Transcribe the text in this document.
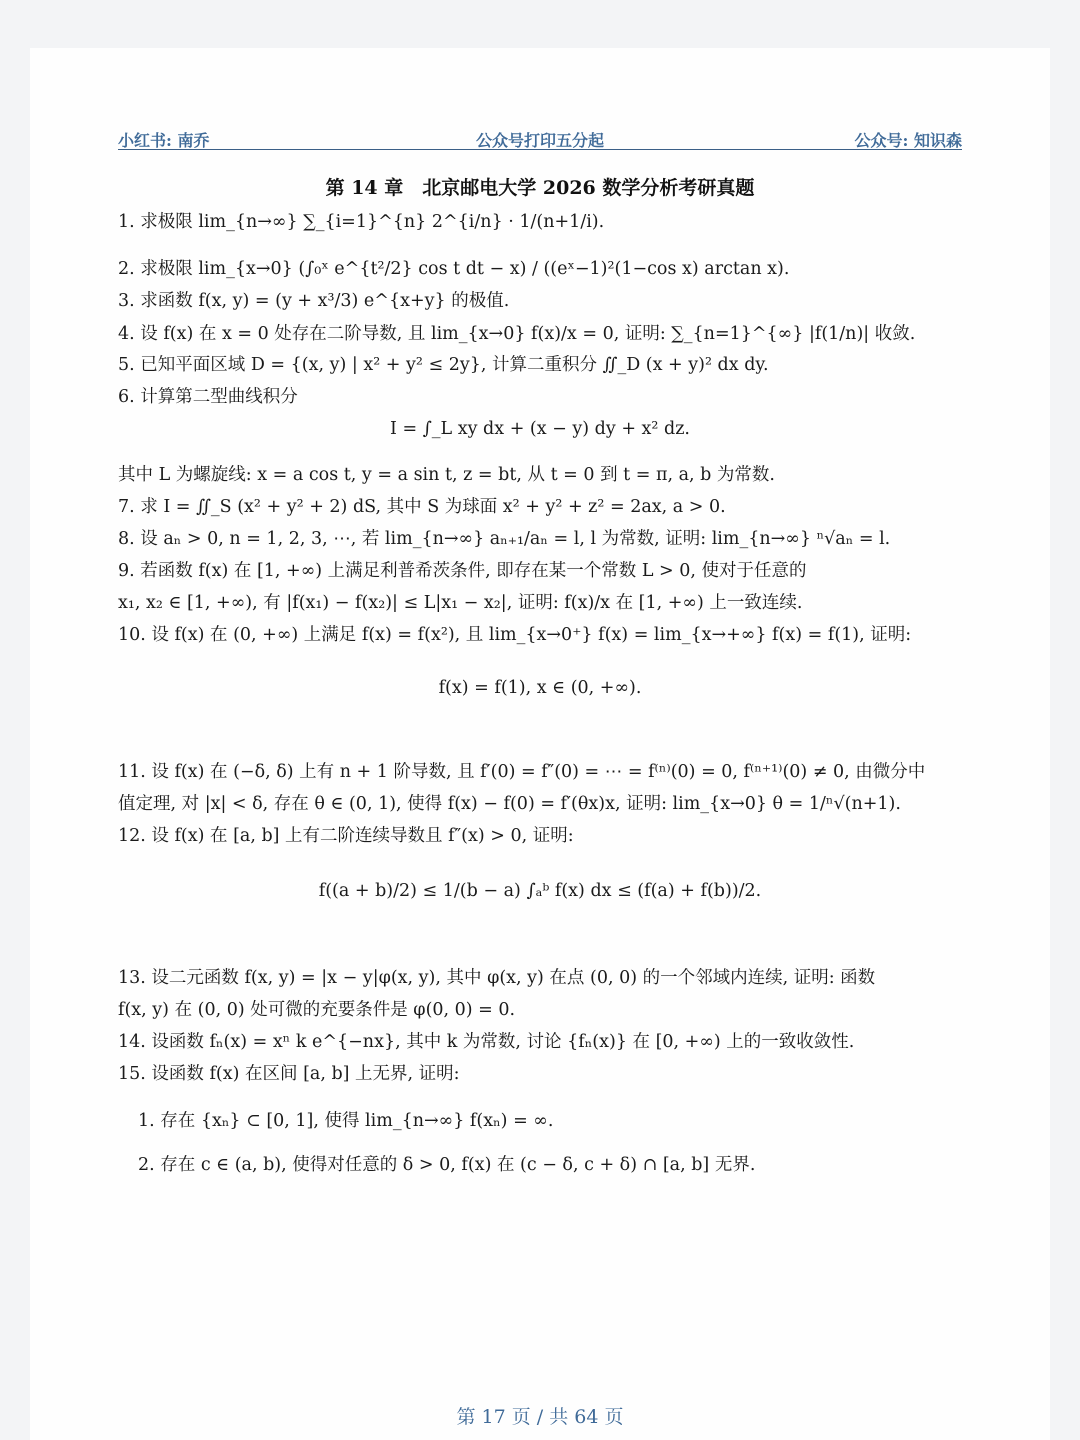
小红书: 南乔	公众号打印五分起	公众号: 知识森
第 14 章　北京邮电大学 2026 数学分析考研真题
1. 求极限 lim_{n→∞} ∑_{i=1}^{n} 2^{i/n} · 1/(n+1/i).
2. 求极限 lim_{x→0} (∫₀ˣ e^{t²/2} cos t dt − x) / ((eˣ−1)²(1−cos x) arctan x).
3. 求函数 f(x, y) = (y + x³/3) e^{x+y} 的极值.
4. 设 f(x) 在 x = 0 处存在二阶导数, 且 lim_{x→0} f(x)/x = 0, 证明: ∑_{n=1}^{∞} |f(1/n)| 收敛.
5. 已知平面区域 D = {(x, y) | x² + y² ≤ 2y}, 计算二重积分 ∬_D (x + y)² dx dy.
6. 计算第二型曲线积分
I = ∫_L xy dx + (x − y) dy + x² dz.
其中 L 为螺旋线: x = a cos t, y = a sin t, z = bt, 从 t = 0 到 t = π, a, b 为常数.
7. 求 I = ∬_S (x² + y² + 2) dS, 其中 S 为球面 x² + y² + z² = 2ax, a > 0.
8. 设 aₙ > 0, n = 1, 2, 3, ⋯, 若 lim_{n→∞} aₙ₊₁/aₙ = l, l 为常数, 证明: lim_{n→∞} ⁿ√aₙ = l.
9. 若函数 f(x) 在 [1, +∞) 上满足利普希茨条件, 即存在某一个常数 L > 0, 使对于任意的
x₁, x₂ ∈ [1, +∞), 有 |f(x₁) − f(x₂)| ≤ L|x₁ − x₂|, 证明: f(x)/x 在 [1, +∞) 上一致连续.
10. 设 f(x) 在 (0, +∞) 上满足 f(x) = f(x²), 且 lim_{x→0⁺} f(x) = lim_{x→+∞} f(x) = f(1), 证明:
f(x) = f(1), x ∈ (0, +∞).
11. 设 f(x) 在 (−δ, δ) 上有 n + 1 阶导数, 且 f′(0) = f″(0) = ⋯ = f⁽ⁿ⁾(0) = 0, f⁽ⁿ⁺¹⁾(0) ≠ 0, 由微分中
值定理, 对 |x| < δ, 存在 θ ∈ (0, 1), 使得 f(x) − f(0) = f′(θx)x, 证明: lim_{x→0} θ = 1/ⁿ√(n+1).
12. 设 f(x) 在 [a, b] 上有二阶连续导数且 f″(x) > 0, 证明:
f((a + b)/2) ≤ 1/(b − a) ∫ₐᵇ f(x) dx ≤ (f(a) + f(b))/2.
13. 设二元函数 f(x, y) = |x − y|φ(x, y), 其中 φ(x, y) 在点 (0, 0) 的一个邻域内连续, 证明: 函数
f(x, y) 在 (0, 0) 处可微的充要条件是 φ(0, 0) = 0.
14. 设函数 fₙ(x) = xⁿ k e^{−nx}, 其中 k 为常数, 讨论 {fₙ(x)} 在 [0, +∞) 上的一致收敛性.
15. 设函数 f(x) 在区间 [a, b] 上无界, 证明:
1. 存在 {xₙ} ⊂ [0, 1], 使得 lim_{n→∞} f(xₙ) = ∞.
2. 存在 c ∈ (a, b), 使得对任意的 δ > 0, f(x) 在 (c − δ, c + δ) ∩ [a, b] 无界.
第 17 页 / 共 64 页
